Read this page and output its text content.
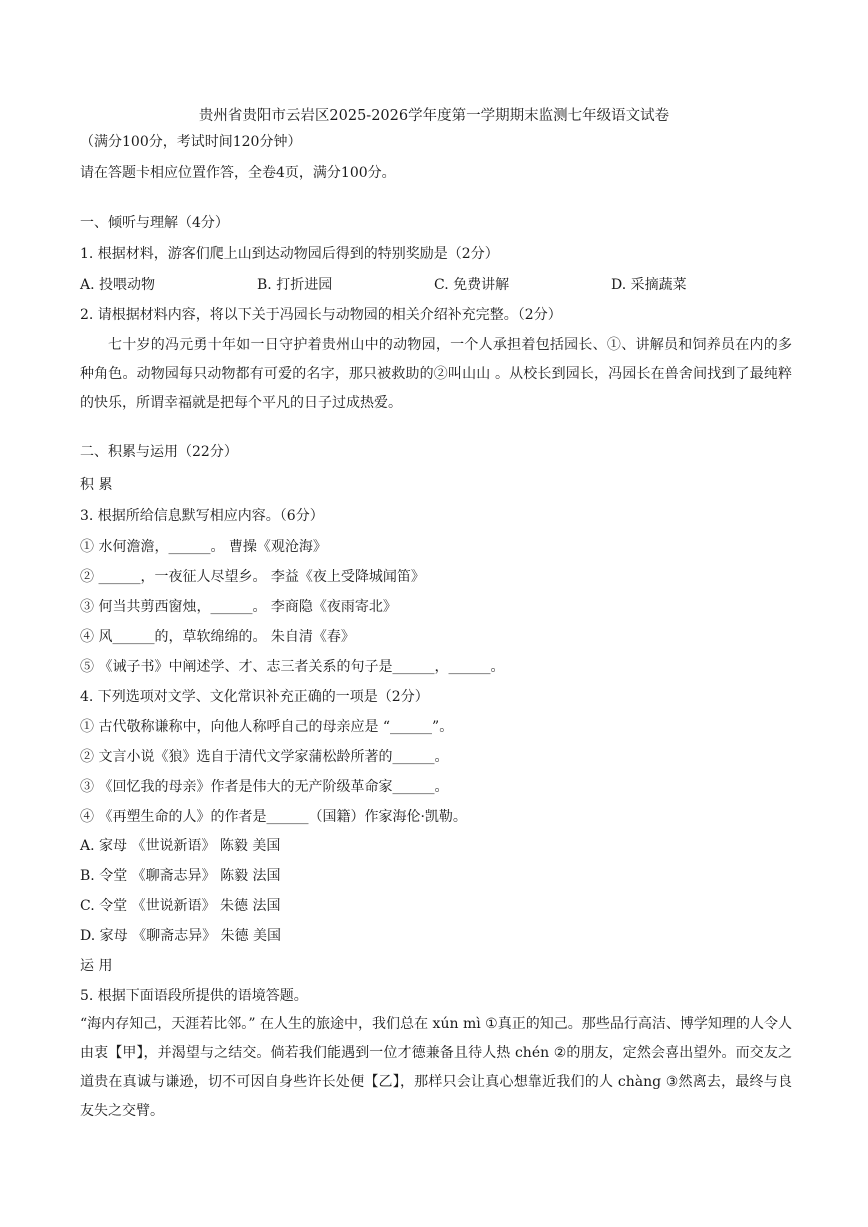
贵州省贵阳市云岩区2025-2026学年度第一学期期末监测七年级语文试卷
（满分100分，考试时间120分钟）
请在答题卡相应位置作答，全卷4页，满分100分。
一、倾听与理解（4分）
1. 根据材料，游客们爬上山到达动物园后得到的特别奖励是（2分）
A. 投喂动物	B. 打折进园	C. 免费讲解	D. 采摘蔬菜
2. 请根据材料内容，将以下关于冯园长与动物园的相关介绍补充完整。（2分）

七十岁的冯元勇十年如一日守护着贵州山中的动物园，一个人承担着包括园长、①、讲解员和饲养员在内的多种角色。动物园每只动物都有可爱的名字，那只被救助的②叫山山 。从校长到园长，冯园长在兽舍间找到了最纯粹的快乐，所谓幸福就是把每个平凡的日子过成热爱。

二、积累与运用（22分）
积 累
3. 根据所给信息默写相应内容。（6分）
① 水何澹澹，______。 曹操《观沧海》
② ______，一夜征人尽望乡。 李益《夜上受降城闻笛》
③ 何当共剪西窗烛，______。 李商隐《夜雨寄北》
④ 风______的，草软绵绵的。 朱自清《春》
⑤ 《诫子书》中阐述学、才、志三者关系的句子是______，______。
4. 下列选项对文学、文化常识补充正确的一项是（2分）
① 古代敬称谦称中，向他人称呼自己的母亲应是 “______”。
② 文言小说《狼》选自于清代文学家蒲松龄所著的______。
③ 《回忆我的母亲》作者是伟大的无产阶级革命家______。
④ 《再塑生命的人》的作者是______（国籍）作家海伦·凯勒。
A. 家母 《世说新语》 陈毅 美国
B. 令堂 《聊斋志异》 陈毅 法国
C. 令堂 《世说新语》 朱德 法国
D. 家母 《聊斋志异》 朱德 美国
运 用
5. 根据下面语段所提供的语境答题。

“海内存知己，天涯若比邻。” 在人生的旅途中，我们总在 xún mì ①真正的知己。那些品行高洁、博学知理的人令人由衷【甲】，并渴望与之结交。倘若我们能遇到一位才德兼备且待人热 chén ②的朋友，定然会喜出望外。而交友之道贵在真诚与谦逊，切不可因自身些许长处便【乙】，那样只会让真心想靠近我们的人 chàng ③然离去，最终与良友失之交臂。
